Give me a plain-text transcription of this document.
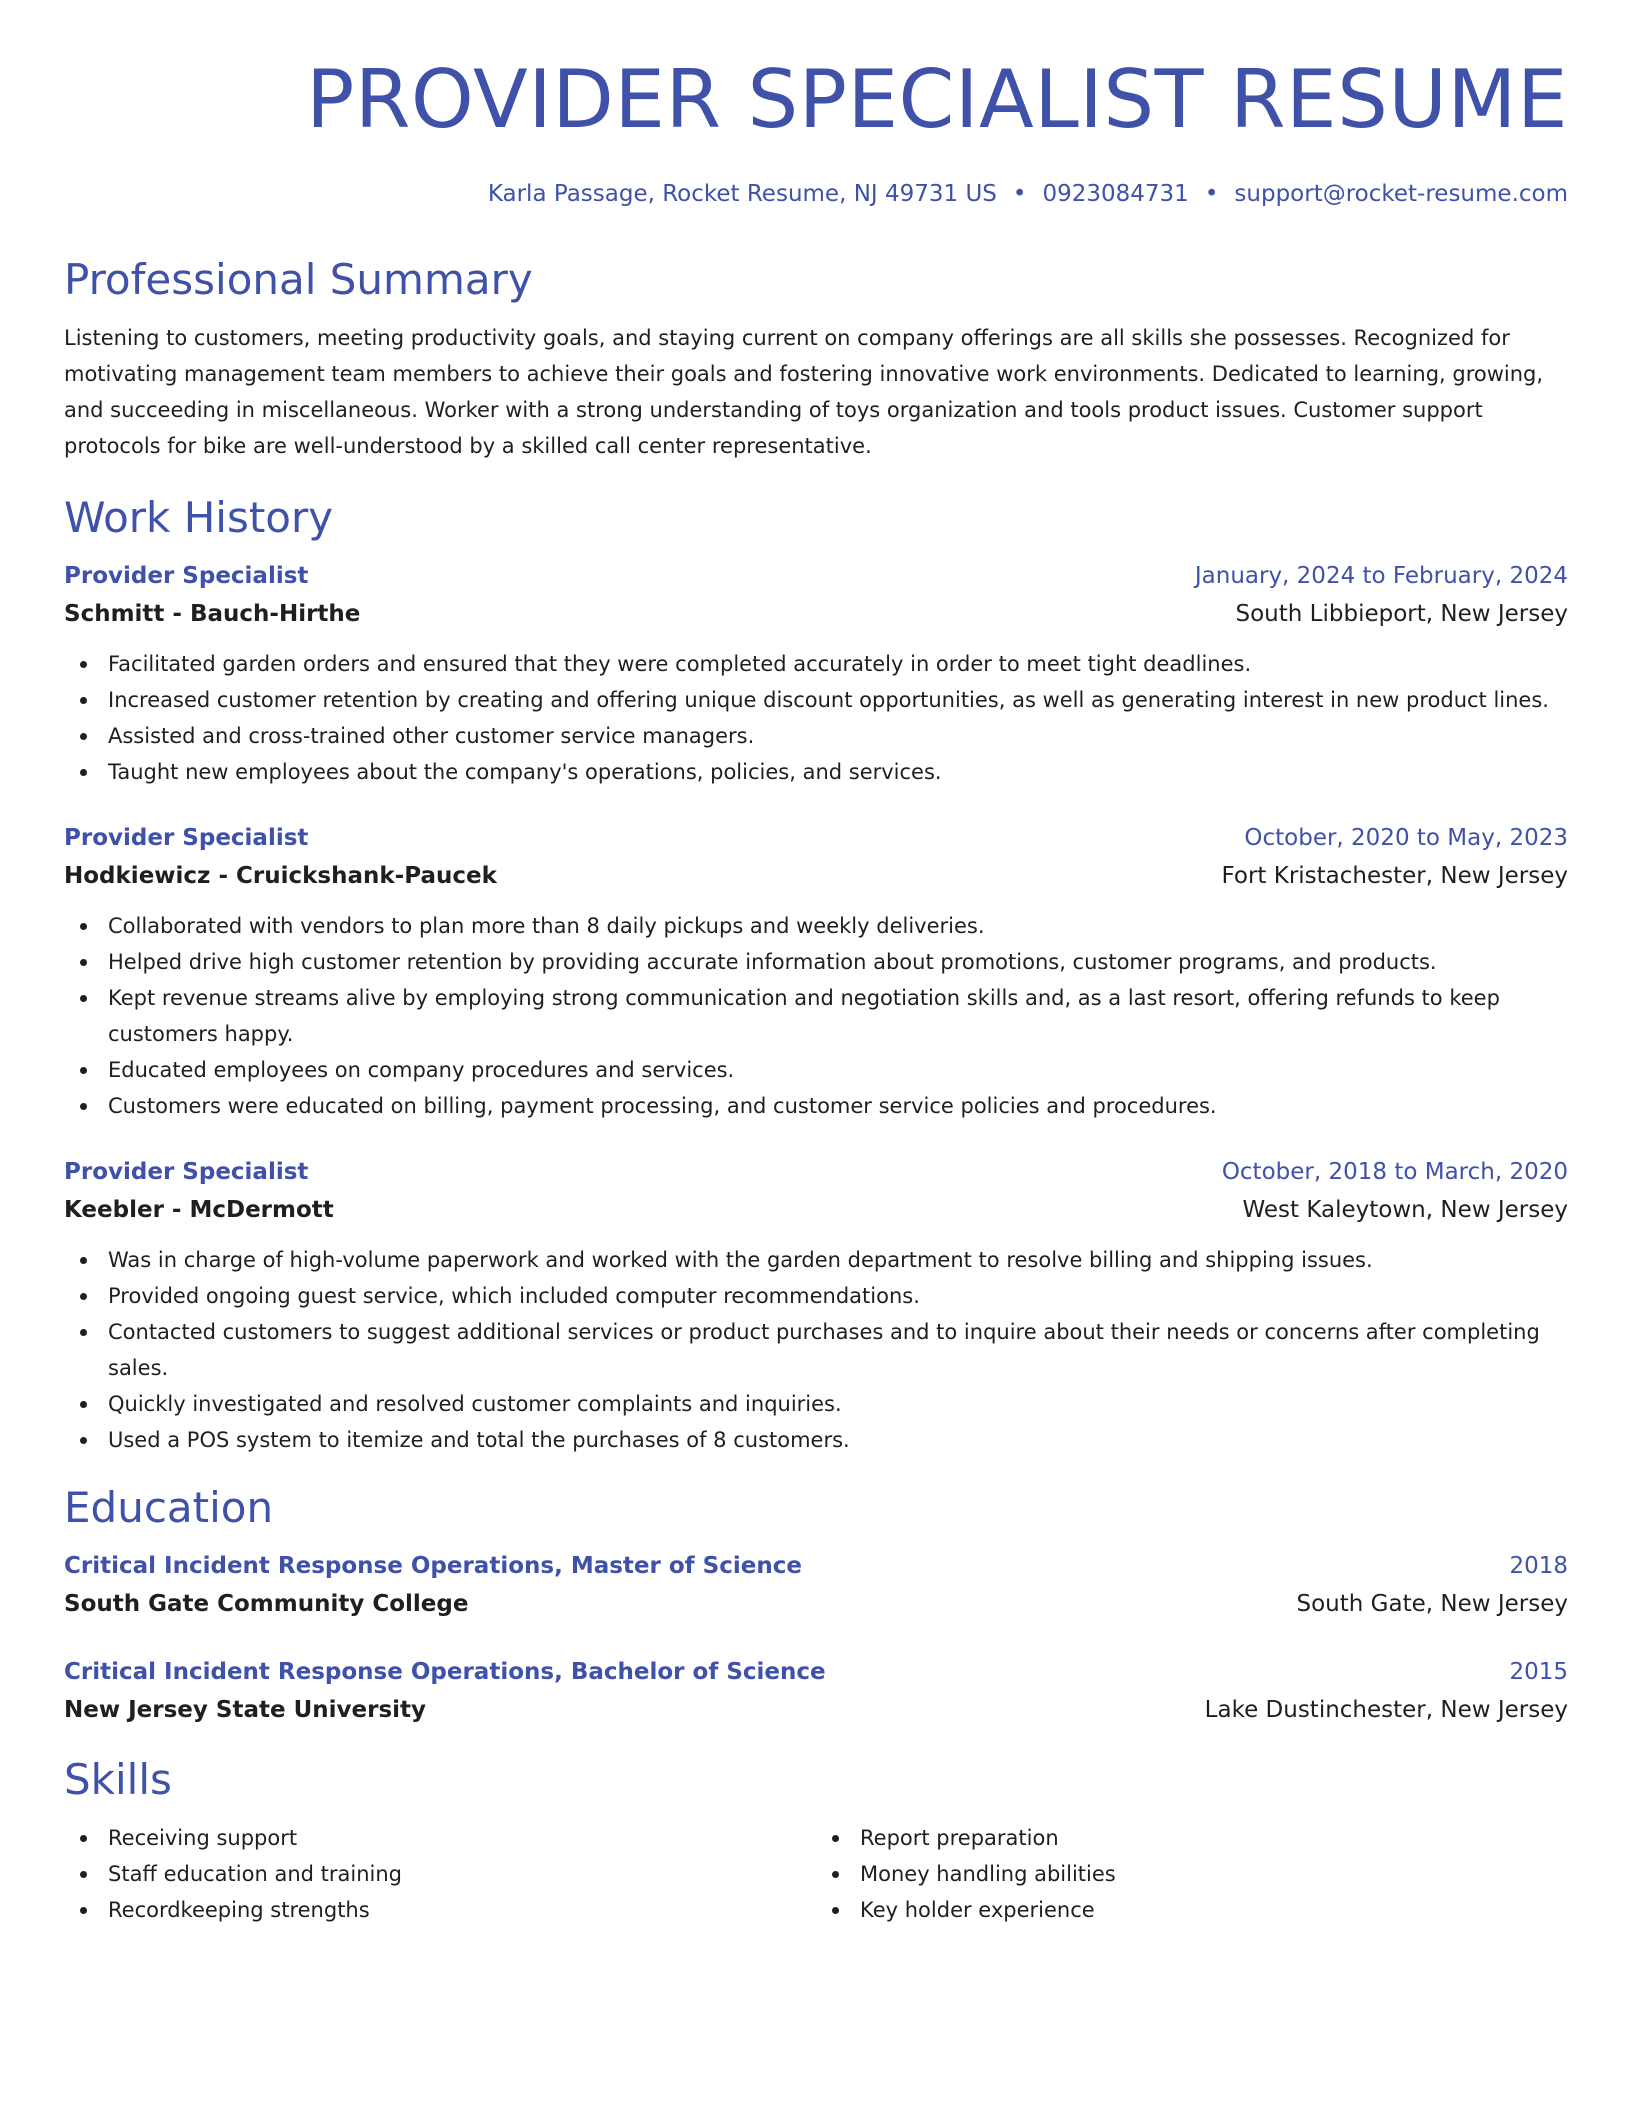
PROVIDER SPECIALIST RESUME
Karla Passage, Rocket Resume, NJ 49731 US • 0923084731 • support@rocket-resume.com
Professional Summary

Listening to customers, meeting productivity goals, and staying current on company offerings are all skills she possesses. Recognized for motivating management team members to achieve their goals and fostering innovative work environments. Dedicated to learning, growing, and succeeding in miscellaneous. Worker with a strong understanding of toys organization and tools product issues. Customer support protocols for bike are well-understood by a skilled call center representative.

Work History
Provider Specialist	January, 2024 to February, 2024
Schmitt - Bauch-Hirthe	South Libbieport, New Jersey
Facilitated garden orders and ensured that they were completed accurately in order to meet tight deadlines.
Increased customer retention by creating and offering unique discount opportunities, as well as generating interest in new product lines.
Assisted and cross-trained other customer service managers.
Taught new employees about the company's operations, policies, and services.
Provider Specialist	October, 2020 to May, 2023
Hodkiewicz - Cruickshank-Paucek	Fort Kristachester, New Jersey
Collaborated with vendors to plan more than 8 daily pickups and weekly deliveries.
Helped drive high customer retention by providing accurate information about promotions, customer programs, and products.
Kept revenue streams alive by employing strong communication and negotiation skills and, as a last resort, offering refunds to keep customers happy.
Educated employees on company procedures and services.
Customers were educated on billing, payment processing, and customer service policies and procedures.
Provider Specialist	October, 2018 to March, 2020
Keebler - McDermott	West Kaleytown, New Jersey
Was in charge of high-volume paperwork and worked with the garden department to resolve billing and shipping issues.
Provided ongoing guest service, which included computer recommendations.
Contacted customers to suggest additional services or product purchases and to inquire about their needs or concerns after completing sales.
Quickly investigated and resolved customer complaints and inquiries.
Used a POS system to itemize and total the purchases of 8 customers.
Education
Critical Incident Response Operations, Master of Science	2018
South Gate Community College	South Gate, New Jersey
Critical Incident Response Operations, Bachelor of Science	2015
New Jersey State University	Lake Dustinchester, New Jersey
Skills
Receiving support
Staff education and training
Recordkeeping strengths
Report preparation
Money handling abilities
Key holder experience
